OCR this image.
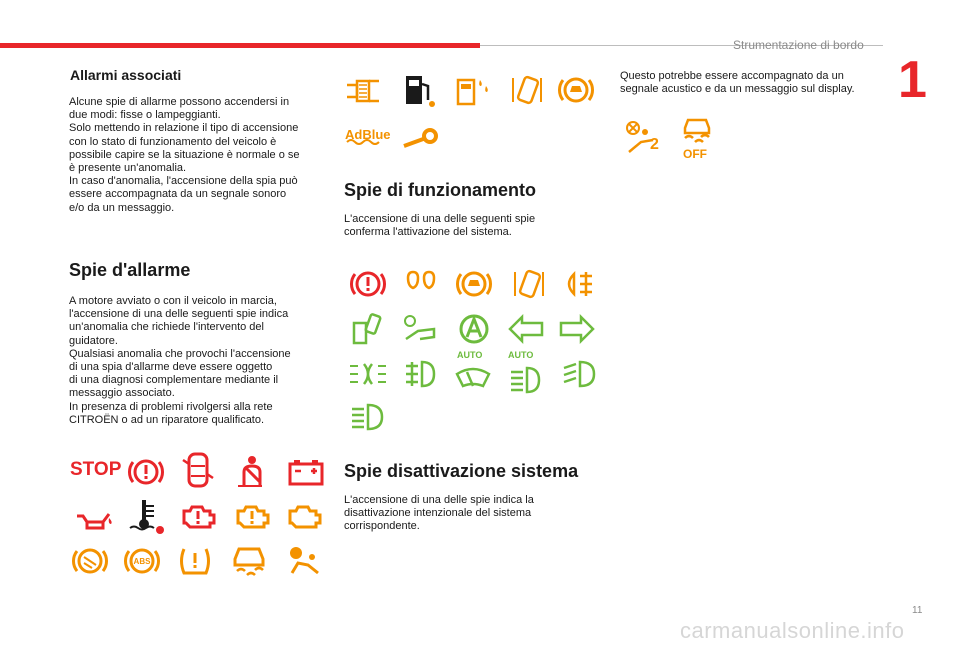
Strumentazione di bordo
1
Allarmi associati
Alcune spie di allarme possono accendersi in
due modi: fisse o lampeggianti.
Solo mettendo in relazione il tipo di accensione
con lo stato di funzionamento del veicolo è
possibile capire se la situazione è normale o se
è presente un'anomalia.
In caso d'anomalia, l'accensione della spia può
essere accompagnata da un segnale sonoro
e/o da un messaggio.
Spie d'allarme
A motore avviato o con il veicolo in marcia,
l'accensione di una delle seguenti spie indica
un'anomalia che richiede l'intervento del
guidatore.
Qualsiasi anomalia che provochi l'accensione
di una spia d'allarme deve essere oggetto
di una diagnosi complementare mediante il
messaggio associato.
In presenza di problemi rivolgersi alla rete
CITROËN o ad un riparatore qualificato.
STOP
ABS
AdBlue
Spie di funzionamento
L'accensione di una delle seguenti spie
conferma l'attivazione del sistema.
AUTO	AUTO
Spie disattivazione sistema
L'accensione di una delle spie indica la
disattivazione intenzionale del sistema
corrispondente.
Questo potrebbe essere accompagnato da un
segnale acustico e da un messaggio sul display.
2
OFF
11
carmanualsonline.info
